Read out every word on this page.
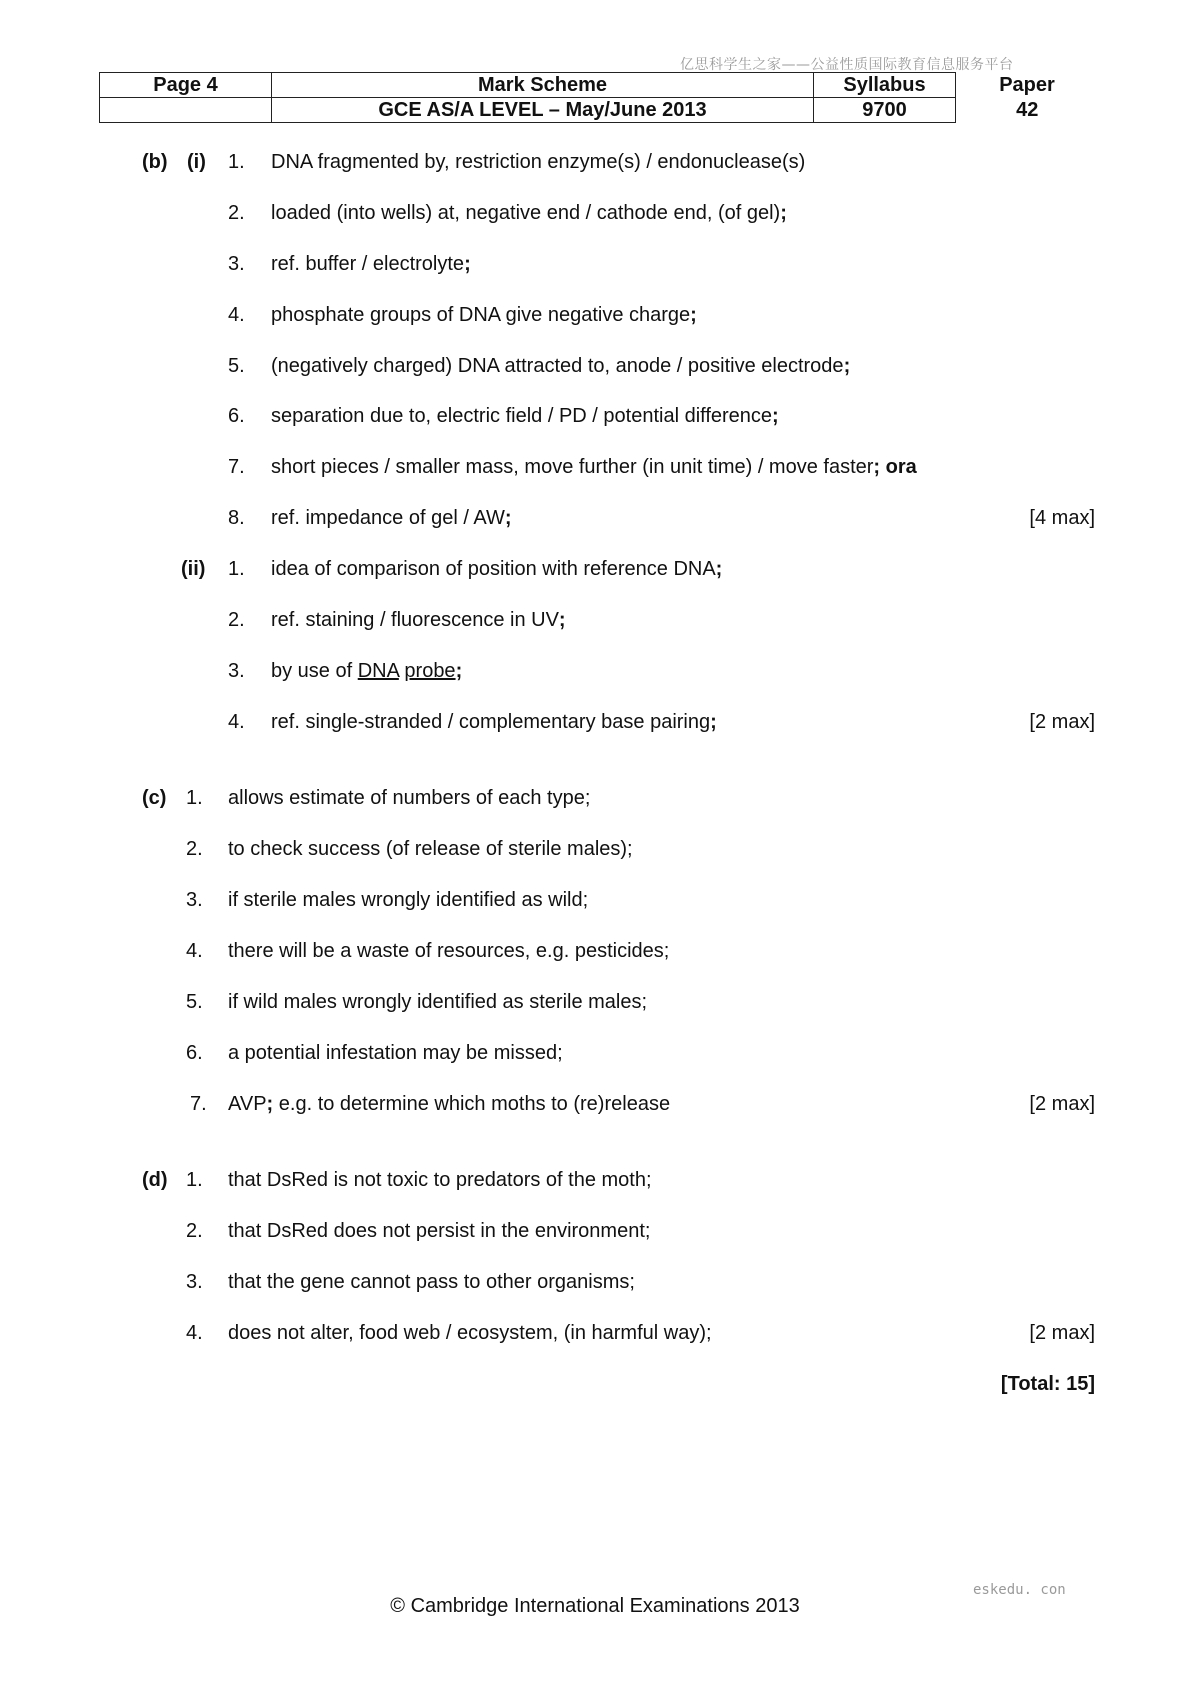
亿思科学生之家——公益性质国际教育信息服务平台
Page 4	Mark Scheme	Syllabus	Paper
	GCE AS/A LEVEL – May/June 2013	9700	42
(b) (i) 1. DNA fragmented by, restriction enzyme(s) / endonuclease(s)
2. loaded (into wells) at, negative end / cathode end, (of gel);
3. ref. buffer / electrolyte;
4. phosphate groups of DNA give negative charge;
5. (negatively charged) DNA attracted to, anode / positive electrode;
6. separation due to, electric field / PD / potential difference;
7. short pieces / smaller mass, move further (in unit time) / move faster; ora
8. ref. impedance of gel / AW;	[4 max]
(ii) 1. idea of comparison of position with reference DNA;
2. ref. staining / fluorescence in UV;
3. by use of DNA probe;
4. ref. single-stranded / complementary base pairing;	[2 max]
(c) 1. allows estimate of numbers of each type;
2. to check success (of release of sterile males);
3. if sterile males wrongly identified as wild;
4. there will be a waste of resources, e.g. pesticides;
5. if wild males wrongly identified as sterile males;
6. a potential infestation may be missed;
7. AVP; e.g. to determine which moths to (re)release	[2 max]
(d) 1. that DsRed is not toxic to predators of the moth;
2. that DsRed does not persist in the environment;
3. that the gene cannot pass to other organisms;
4. does not alter, food web / ecosystem, (in harmful way);	[2 max]
[Total: 15]
eskedu. con
© Cambridge International Examinations 2013
